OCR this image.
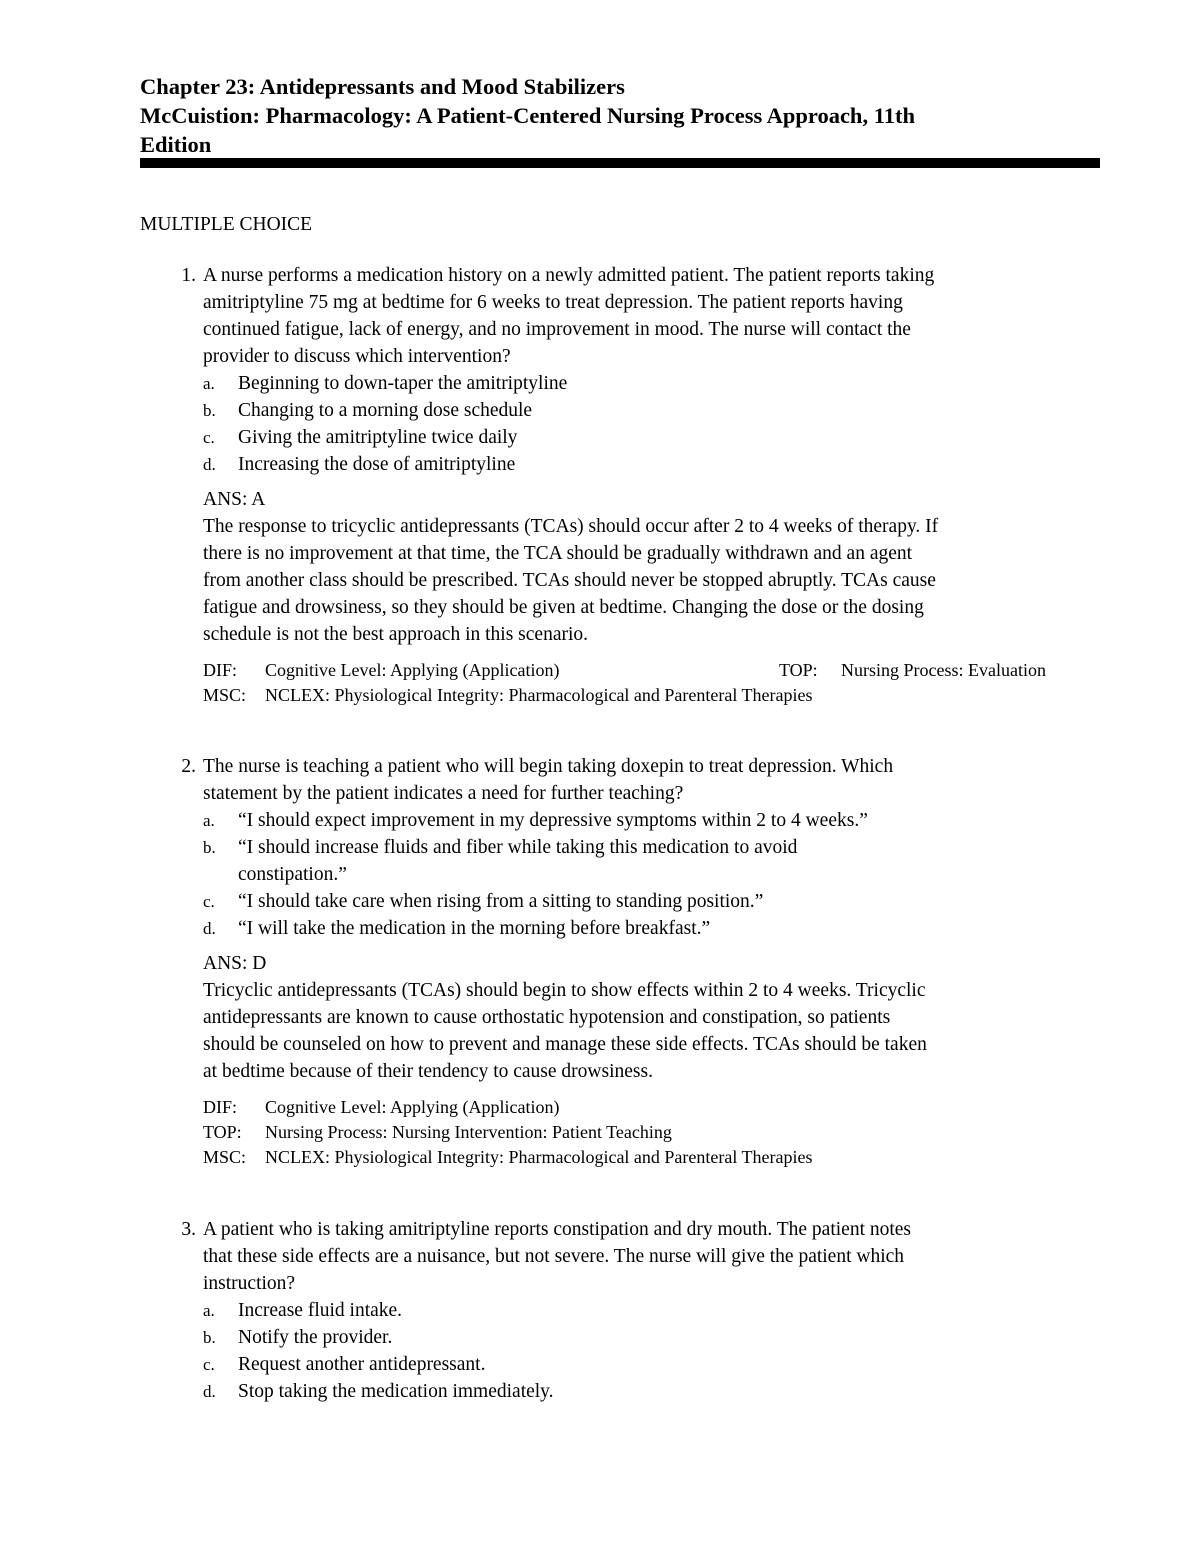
Chapter 23: Antidepressants and Mood Stabilizers
McCuistion: Pharmacology: A Patient-Centered Nursing Process Approach, 11th
Edition
MULTIPLE CHOICE
1. A nurse performs a medication history on a newly admitted patient. The patient reports taking
amitriptyline 75 mg at bedtime for 6 weeks to treat depression. The patient reports having
continued fatigue, lack of energy, and no improvement in mood. The nurse will contact the
provider to discuss which intervention?
a.	Beginning to down-taper the amitriptyline
b.	Changing to a morning dose schedule
c.	Giving the amitriptyline twice daily
d.	Increasing the dose of amitriptyline
ANS: A
The response to tricyclic antidepressants (TCAs) should occur after 2 to 4 weeks of therapy. If
there is no improvement at that time, the TCA should be gradually withdrawn and an agent
from another class should be prescribed. TCAs should never be stopped abruptly. TCAs cause
fatigue and drowsiness, so they should be given at bedtime. Changing the dose or the dosing
schedule is not the best approach in this scenario.
DIF: Cognitive Level: Applying (Application)	TOP: Nursing Process: Evaluation
MSC: NCLEX: Physiological Integrity: Pharmacological and Parenteral Therapies
2. The nurse is teaching a patient who will begin taking doxepin to treat depression. Which
statement by the patient indicates a need for further teaching?
a.	“I should expect improvement in my depressive symptoms within 2 to 4 weeks.”
b.	“I should increase fluids and fiber while taking this medication to avoid
constipation.”
c.	“I should take care when rising from a sitting to standing position.”
d.	“I will take the medication in the morning before breakfast.”
ANS: D
Tricyclic antidepressants (TCAs) should begin to show effects within 2 to 4 weeks. Tricyclic
antidepressants are known to cause orthostatic hypotension and constipation, so patients
should be counseled on how to prevent and manage these side effects. TCAs should be taken
at bedtime because of their tendency to cause drowsiness.
DIF: Cognitive Level: Applying (Application)
TOP: Nursing Process: Nursing Intervention: Patient Teaching
MSC: NCLEX: Physiological Integrity: Pharmacological and Parenteral Therapies
3. A patient who is taking amitriptyline reports constipation and dry mouth. The patient notes
that these side effects are a nuisance, but not severe. The nurse will give the patient which
instruction?
a.	Increase fluid intake.
b.	Notify the provider.
c.	Request another antidepressant.
d.	Stop taking the medication immediately.
